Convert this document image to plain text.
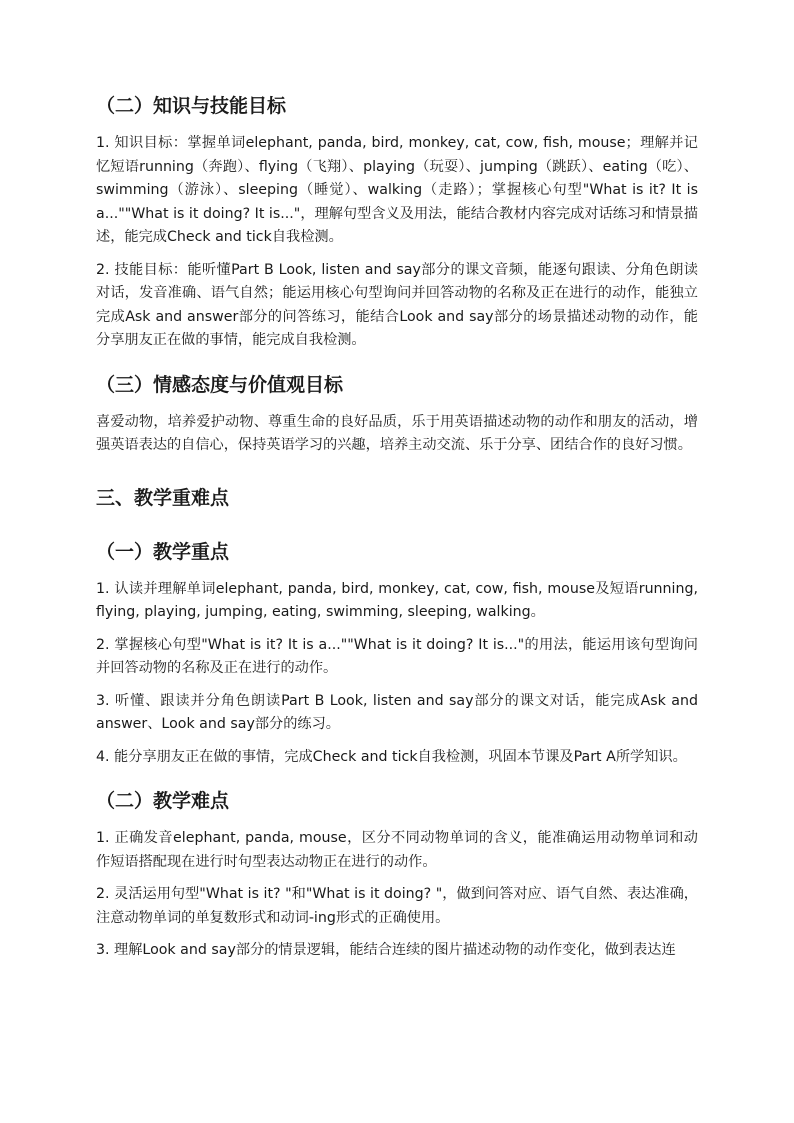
（二）知识与技能目标

1. 知识目标：掌握单词elephant, panda, bird, monkey, cat, cow, fish, mouse；理解并记忆短语running（奔跑）、flying（飞翔）、playing（玩耍）、jumping（跳跃）、eating（吃）、swimming（游泳）、sleeping（睡觉）、walking（走路）；掌握核心句型"What is it? It is a...""What is it doing? It is..."，理解句型含义及用法，能结合教材内容完成对话练习和情景描述，能完成Check and tick自我检测。

2. 技能目标：能听懂Part B Look, listen and say部分的课文音频，能逐句跟读、分角色朗读对话，发音准确、语气自然；能运用核心句型询问并回答动物的名称及正在进行的动作，能独立完成Ask and answer部分的问答练习，能结合Look and say部分的场景描述动物的动作，能分享朋友正在做的事情，能完成自我检测。

（三）情感态度与价值观目标

喜爱动物，培养爱护动物、尊重生命的良好品质，乐于用英语描述动物的动作和朋友的活动，增强英语表达的自信心，保持英语学习的兴趣，培养主动交流、乐于分享、团结合作的良好习惯。

三、教学重难点
（一）教学重点

1. 认读并理解单词elephant, panda, bird, monkey, cat, cow, fish, mouse及短语running, flying, playing, jumping, eating, swimming, sleeping, walking。

2. 掌握核心句型"What is it? It is a...""What is it doing? It is..."的用法，能运用该句型询问并回答动物的名称及正在进行的动作。

3. 听懂、跟读并分角色朗读Part B Look, listen and say部分的课文对话，能完成Ask and answer、Look and say部分的练习。

4. 能分享朋友正在做的事情，完成Check and tick自我检测，巩固本节课及Part A所学知识。

（二）教学难点

1. 正确发音elephant, panda, mouse，区分不同动物单词的含义，能准确运用动物单词和动作短语搭配现在进行时句型表达动物正在进行的动作。

2. 灵活运用句型"What is it? "和"What is it doing? "，做到问答对应、语气自然、表达准确，注意动物单词的单复数形式和动词-ing形式的正确使用。

3. 理解Look and say部分的情景逻辑，能结合连续的图片描述动物的动作变化，做到表达连
